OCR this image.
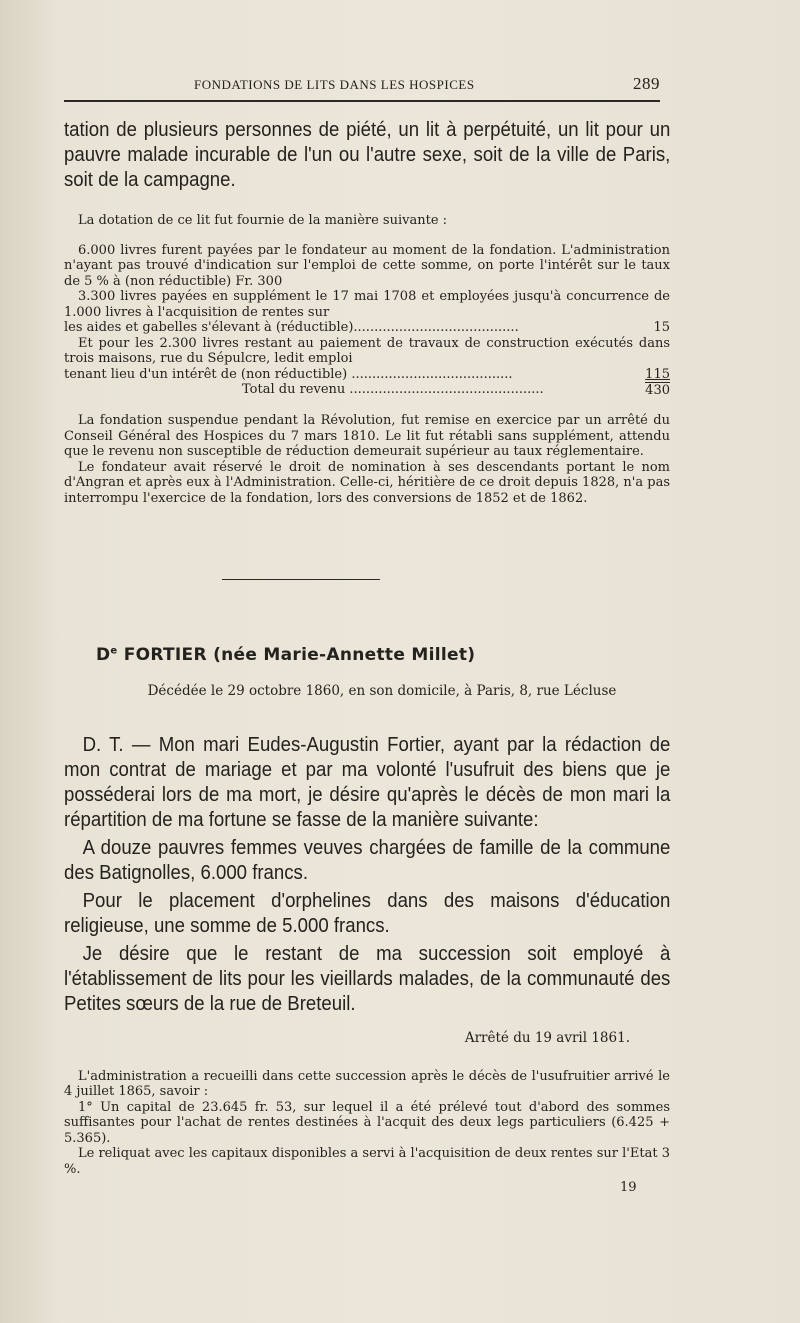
FONDATIONS DE LITS DANS LES HOSPICES	289

tation de plusieurs personnes de piété, un lit à perpétuité, un lit pour un pauvre malade incurable de l'un ou l'autre sexe, soit de la ville de Paris, soit de la campagne.

La dotation de ce lit fut fournie de la manière suivante :

6.000 livres furent payées par le fondateur au moment de la fondation. L'administration n'ayant pas trouvé d'indication sur l'emploi de cette somme, on porte l'intérêt sur le taux de 5 % à (non réductible) Fr. 300

3.300 livres payées en supplément le 17 mai 1708 et employées jusqu'à concurrence de 1.000 livres à l'acquisition de rentes sur

les aides et gabelles s'élevant à (réductible)........................................	15

Et pour les 2.300 livres restant au paiement de travaux de construction exécutés dans trois maisons, rue du Sépulcre, ledit emploi

tenant lieu d'un intérêt de (non réductible) .......................................	115
Total du revenu ...............................................	430

La fondation suspendue pendant la Révolution, fut remise en exercice par un arrêté du Conseil Général des Hospices du 7 mars 1810. Le lit fut rétabli sans supplément, attendu que le revenu non susceptible de réduction demeurait supérieur au taux réglementaire.

Le fondateur avait réservé le droit de nomination à ses descendants portant le nom d'Angran et après eux à l'Administration. Celle-ci, héritière de ce droit depuis 1828, n'a pas interrompu l'exercice de la fondation, lors des conversions de 1852 et de 1862.

De FORTIER (née Marie-Annette Millet)
Décédée le 29 octobre 1860, en son domicile, à Paris, 8, rue Lécluse

D. T. — Mon mari Eudes-Augustin Fortier, ayant par la rédaction de mon contrat de mariage et par ma volonté l'usufruit des biens que je posséderai lors de ma mort, je désire qu'après le décès de mon mari la répartition de ma fortune se fasse de la manière suivante:

A douze pauvres femmes veuves chargées de famille de la commune des Batignolles, 6.000 francs.

Pour le placement d'orphelines dans des maisons d'éducation religieuse, une somme de 5.000 francs.

Je désire que le restant de ma succession soit employé à l'établissement de lits pour les vieillards malades, de la communauté des Petites sœurs de la rue de Breteuil.

Arrêté du 19 avril 1861.

L'administration a recueilli dans cette succession après le décès de l'usufruitier arrivé le 4 juillet 1865, savoir :

1° Un capital de 23.645 fr. 53, sur lequel il a été prélevé tout d'abord des sommes suffisantes pour l'achat de rentes destinées à l'acquit des deux legs particuliers (6.425 + 5.365).

Le reliquat avec les capitaux disponibles a servi à l'acquisition de deux rentes sur l'Etat 3 %.

19
